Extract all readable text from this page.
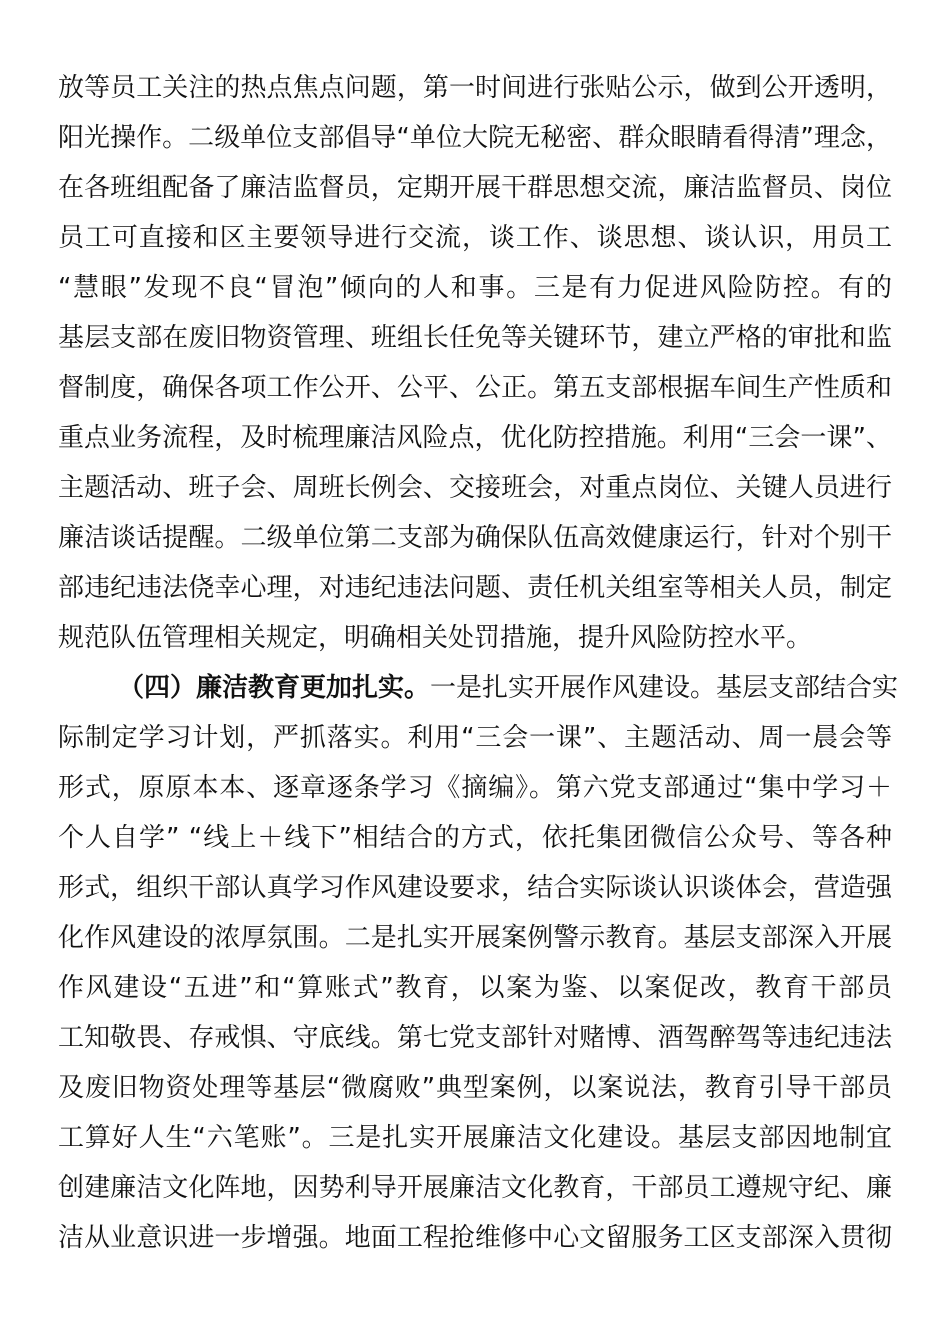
放等员工关注的热点焦点问题，第一时间进行张贴公示，做到公开透明，
阳光操作。二级单位支部倡导“单位大院无秘密、群众眼睛看得清”理念，
在各班组配备了廉洁监督员，定期开展干群思想交流，廉洁监督员、岗位
员工可直接和区主要领导进行交流，谈工作、谈思想、谈认识，用员工
“慧眼”发现不良“冒泡”倾向的人和事。三是有力促进风险防控。有的
基层支部在废旧物资管理、班组长任免等关键环节，建立严格的审批和监
督制度，确保各项工作公开、公平、公正。第五支部根据车间生产性质和
重点业务流程，及时梳理廉洁风险点，优化防控措施。利用“三会一课”、
主题活动、班子会、周班长例会、交接班会，对重点岗位、关键人员进行
廉洁谈话提醒。二级单位第二支部为确保队伍高效健康运行，针对个别干
部违纪违法侥幸心理，对违纪违法问题、责任机关组室等相关人员，制定
规范队伍管理相关规定，明确相关处罚措施，提升风险防控水平。
（四）廉洁教育更加扎实。一是扎实开展作风建设。基层支部结合实
际制定学习计划，严抓落实。利用“三会一课”、主题活动、周一晨会等
形式，原原本本、逐章逐条学习《摘编》。第六党支部通过“集中学习＋
个人自学” “线上＋线下”相结合的方式，依托集团微信公众号、等各种
形式，组织干部认真学习作风建设要求，结合实际谈认识谈体会，营造强
化作风建设的浓厚氛围。二是扎实开展案例警示教育。基层支部深入开展
作风建设“五进”和“算账式”教育，以案为鉴、以案促改，教育干部员
工知敬畏、存戒惧、守底线。第七党支部针对赌博、酒驾醉驾等违纪违法
及废旧物资处理等基层“微腐败”典型案例，以案说法，教育引导干部员
工算好人生“六笔账”。三是扎实开展廉洁文化建设。基层支部因地制宜
创建廉洁文化阵地，因势利导开展廉洁文化教育，干部员工遵规守纪、廉
洁从业意识进一步增强。地面工程抢维修中心文留服务工区支部深入贯彻
